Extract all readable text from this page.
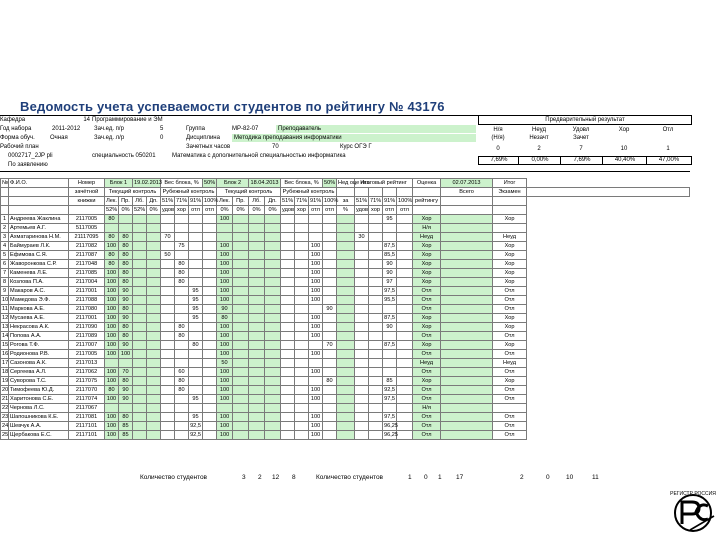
Ведомость учета успеваемости студентов по рейтингу № 43176
Кафедра	14 Программирование и ЭМ
Год набора	2011-2012	Зач.ед. п/р	5	Группа	МР-82-07	Преподаватель
Форма обуч.	Очная	Зач.ед. л/р	0	Дисциплина	Методика преподавания информатики
Рабочий план	Зачетных часов	70	Курс ОГЭ Г
0002717_2JP pli	специальность 050201	Математика с дополнительной специальностью информатика
По заявлению
Предварительный результат
Н/я	Неуд	Удовл	Хор	Отл
(Н/я)	Незачт	Зачет
0	2	7	10	1
7,69%	0,00%	7,69%	40,40%	47,00%
№	Ф.И.О.	Номер	Блок 1		19.02.2013		Вес блока, %			50%	Блок 2		18.04.2013		Вес блока, %			50%	Нед оце нка	Итоговый рейтинг				Оценка	02.07.2013	Итог	
		зачётной	Текущий контроль				Рубежный контроль				Текущий контроль				Рубежный контроль										Всего	Экзамен	
		книжки	Лек.	Пр.	Лб.	Дп.	51%	71%	91%	100%	Лек.	Пр.	Лб.	Дп.	51%	71%	91%	100%	за	51%	71%	91%	100%	рейтингу			
			52%	0%	52%	0%	удов	хор	отл	отл	0%	0%	0%	0%	удов	хор	отл	отл	%	удов	хор	отл	отл				
1	Андреева Жаклина	2117005	80								100											95		Хор		Хор	
2	Артемьев А.Г.	5117005																						Н/я			
3	Ахматаринова Н.М.	21117095	80	80			70													30				Неуд		Неуд	
4	Баймураев Л.К.	2117082	100	80				75			100						100					87,5		Хор		Хор	
5	Ефимова С.Я.	2117087	80	80			50				100						100					85,5		Хор		Хор	
6	Жаворонкова С.Р.	2117048	80	80				80			100						100					90		Хор		Хор	
7	Каменева Л.Е.	2117085	100	80				80			100						100					90		Хор		Хор	
8	Козлова П.А.	2117004	100	80				80			100						100					97		Хор		Хор	
9	Макаров А.С.	2117001	100	90					95		100						100					97,5		Отл		Отл	
10	Мамедова Э.Ф.	2117088	100	90					95		100						100					95,5		Отл		Отл	
11	Маркова А.Е.	2117080	100	80					95		90							90						Отл		Отл	
12	Мусаева А.Е.	2117001	100	90					95		80						100					87,5		Хор		Хор	
13	Некрасова А.К.	2117090	100	80				80			100						100					90		Хор		Хор	
14	Попова А.А.	2117089	100	80				80			100						100							Отл		Отл	
15	Рогова Т.Ф.	2117007	100	90					80		100							70				87,5		Хор		Хор	
16	Родионова Р.В.	2117005	100	100							100						100							Отл		Отл	
17	Сазонова А.К.	2117013									50													Неуд		Неуд	
18	Сергеева А.Л.	2117062	100	70				60			100						100							Отл		Отл	
19	Суворова Т.С.	2117075	100	80				80			100							80				85		Хор		Хор	
20	Тимофеева Ю.Д.	2117070	80	90				80			100						100					92,5		Отл		Отл	
21	Харитонова С.Е.	2117074	100	90					95		100						100					97,5		Отл		Отл	
22	Чернова Л.С.	2117067																						Н/я			
23	Шапошникова К.Е.	2117081	100	80					95		100						100					97,5		Отл		Отл	
24	Шевчук А.А.	2117101	100	85					92,5		100						100					96,25		Отл		Отл	
25	Щербакова Е.С.	2117101	100	85					92,5		100						100					96,25		Отл		Отл	
Количество студентов	3 2 12 8	Количество студентов	1 0 1 17	2	0	10	11
РЕГИСТР РОССИЯ
